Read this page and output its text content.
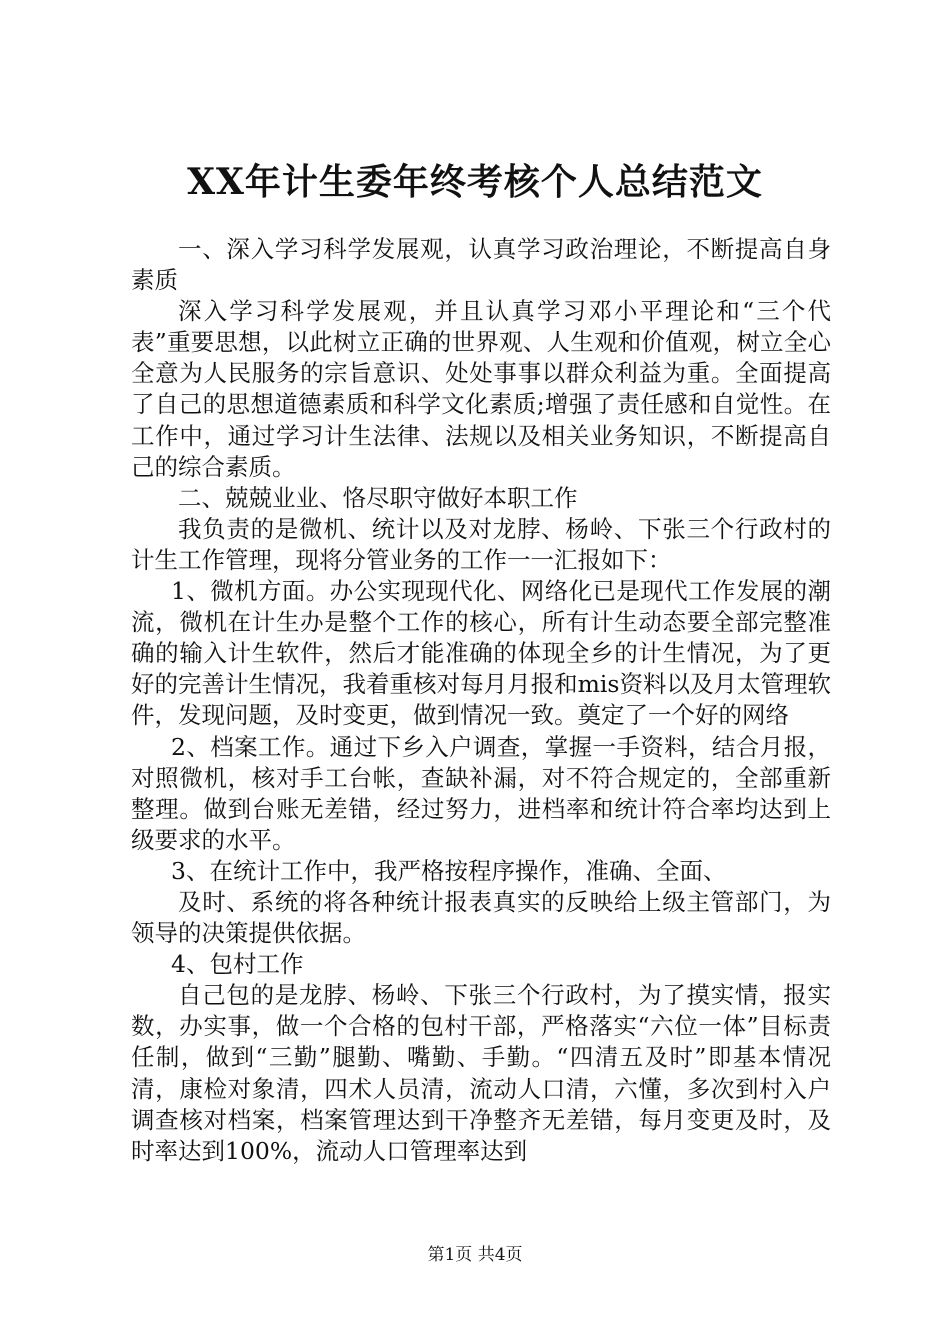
XX年计生委年终考核个人总结范文

一、深入学习科学发展观，认真学习政治理论，不断提高自身素质

深入学习科学发展观，并且认真学习邓小平理论和“三个代表”重要思想，以此树立正确的世界观、人生观和价值观，树立全心全意为人民服务的宗旨意识、处处事事以群众利益为重。全面提高了自己的思想道德素质和科学文化素质;增强了责任感和自觉性。在工作中，通过学习计生法律、法规以及相关业务知识，不断提高自己的综合素质。

二、兢兢业业、恪尽职守做好本职工作

我负责的是微机、统计以及对龙脖、杨岭、下张三个行政村的计生工作管理，现将分管业务的工作一一汇报如下：

1、微机方面。办公实现现代化、网络化已是现代工作发展的潮流，微机在计生办是整个工作的核心，所有计生动态要全部完整准确的输入计生软件，然后才能准确的体现全乡的计生情况，为了更好的完善计生情况，我着重核对每月月报和mis资料以及月太管理软件，发现问题，及时变更，做到情况一致。奠定了一个好的网络

2、档案工作。通过下乡入户调查，掌握一手资料，结合月报，对照微机，核对手工台帐，查缺补漏，对不符合规定的，全部重新整理。做到台账无差错，经过努力，进档率和统计符合率均达到上级要求的水平。

3、在统计工作中，我严格按程序操作，准确、全面、

及时、系统的将各种统计报表真实的反映给上级主管部门，为领导的决策提供依据。

4、包村工作

自己包的是龙脖、杨岭、下张三个行政村，为了摸实情，报实数，办实事，做一个合格的包村干部，严格落实“六位一体”目标责任制，做到“三勤”腿勤、嘴勤、手勤。“四清五及时”即基本情况清，康检对象清，四术人员清，流动人口清，六懂，多次到村入户调查核对档案，档案管理达到干净整齐无差错，每月变更及时，及时率达到100%，流动人口管理率达到

第1页 共4页
